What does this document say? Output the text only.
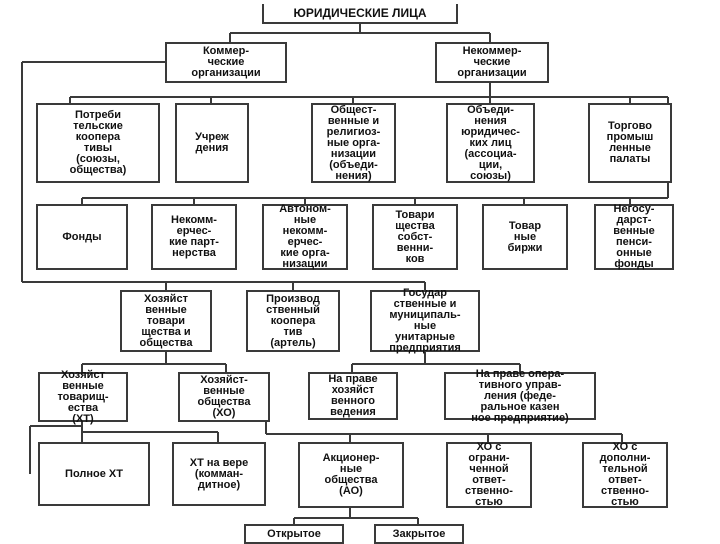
ЮРИДИЧЕСКИЕ ЛИЦА
Коммер-
ческие
организации
Некоммер-
ческие
организации
Потреби
тельские
коопера
тивы
(союзы,
общества)
Учреж
дения
Общест-
венные и
религиоз-
ные орга-
низации
(объеди-
нения)
Объеди-
нения
юридичес-
ких лиц
(ассоциа-
ции,
союзы)
Торгово
промыш
ленные
палаты
Фонды
Некомм-
ерчес-
кие парт-
нерства
Автоном-
ные
некомм-
ерчес-
кие орга-
низации
Товари
щества
собст-
венни-
ков
Товар
ные
биржи
Негосу-
дарст-
венные
пенси-
онные
фонды
Хозяйст
венные
товари
щества и
общества
Производ
ственный
коопера
тив
(артель)
Государ
ственные и
муниципаль-
ные
унитарные
предприятия
Хозяйст
венные
товарищ-
ества
(ХТ)
Хозяйст-
венные
общества
(ХО)
На праве
хозяйст
венного
ведения
На праве опера-
тивного управ-
ления (феде-
ральное казен
ное предприятие)
Полное ХТ
ХТ на вере
(комман-
дитное)
Акционер-
ные
общества
(АО)
ХО с
ограни-
ченной
ответ-
ственно-
стью
ХО с
дополни-
тельной
ответ-
ственно-
стью
Открытое	Закрытое
